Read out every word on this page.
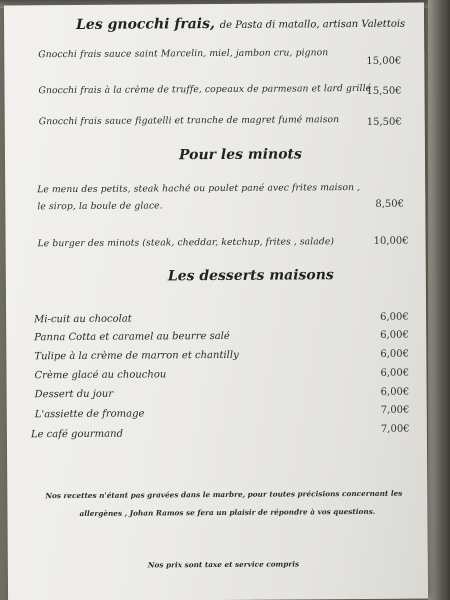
Les gnocchi frais, de Pasta di matallo, artisan Valettois
Gnocchi frais sauce saint Marcelin, miel, jambon cru, pignon
15,00€
Gnocchi frais à la crème de truffe, copeaux de parmesan et lard grillé
15,50€
Gnocchi frais sauce figatelli et tranche de magret fumé maison	15,50€
Pour les minots
Le menu des petits, steak haché ou poulet pané avec frites maison ,
le sirop, la boule de glace.	8,50€
Le burger des minots (steak, cheddar, ketchup, frites , salade)	10,00€
Les desserts maisons
Mi-cuit au chocolat	6,00€
Panna Cotta et caramel au beurre salé	6,00€
Tulipe à la crème de marron et chantilly	6,00€
Crème glacé au chouchou	6,00€
Dessert du jour	6,00€
L'assiette de fromage	7,00€
Le café gourmand	7,00€
Nos recettes n'étant pas gravées dans le marbre, pour toutes précisions concernant les
allergènes , Johan Ramos se fera un plaisir de répondre à vos questions.
Nos prix sont taxe et service compris
